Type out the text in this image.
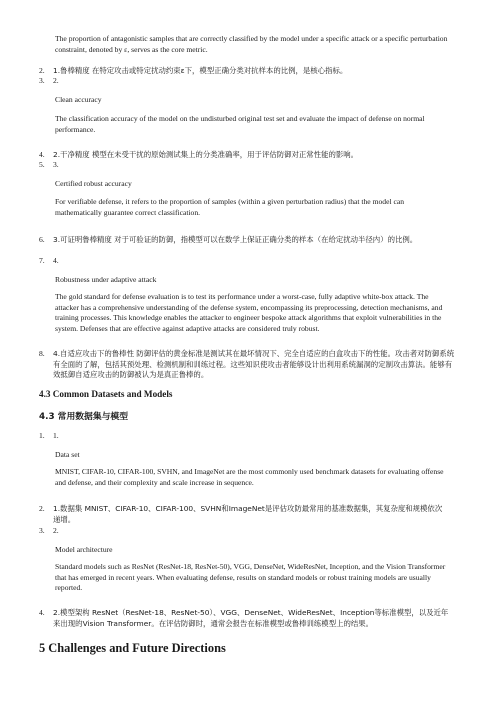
The proportion of antagonistic samples that are correctly classified by the model under a specific attack or a specific perturbation constraint, denoted by ε, serves as the core metric.

2.	1.鲁棒精度 在特定攻击或特定扰动约束ε下，模型正确分类对抗样本的比例，是核心指标。
3.	2.

Clean accuracy

The classification accuracy of the model on the undisturbed original test set and evaluate the impact of defense on normal performance.

4.	2.干净精度 模型在未受干扰的原始测试集上的分类准确率，用于评估防御对正常性能的影响。
5.	3.

Certified robust accuracy

For verifiable defense, it refers to the proportion of samples (within a given perturbation radius) that the model can mathematically guarantee correct classification.

6.	3.可证明鲁棒精度 对于可验证的防御，指模型可以在数学上保证正确分类的样本（在给定扰动半径内）的比例。
7.	4.

Robustness under adaptive attack

The gold standard for defense evaluation is to test its performance under a worst-case, fully adaptive white-box attack. The attacker has a comprehensive understanding of the defense system, encompassing its preprocessing, detection mechanisms, and training processes. This knowledge enables the attacker to engineer bespoke attack algorithms that exploit vulnerabilities in the system. Defenses that are effective against adaptive attacks are considered truly robust.

8.	4.自适应攻击下的鲁棒性 防御评估的黄金标准是测试其在最坏情况下、完全自适应的白盒攻击下的性能。攻击者对防御系统有全面的了解，包括其预处理、检测机制和训练过程。这些知识使攻击者能够设计出利用系统漏洞的定制攻击算法。能够有效抵御自适应攻击的防御被认为是真正鲁棒的。

4.3 Common Datasets and Models

4.3 常用数据集与模型

1.	1.

Data set

MNIST, CIFAR-10, CIFAR-100, SVHN, and ImageNet are the most commonly used benchmark datasets for evaluating offense and defense, and their complexity and scale increase in sequence.

2.	1.数据集 MNIST、CIFAR-10、CIFAR-100、SVHN和ImageNet是评估攻防最常用的基准数据集，其复杂度和规模依次递增。
3.	2.

Model architecture

Standard models such as ResNet (ResNet-18, ResNet-50), VGG, DenseNet, WideResNet, Inception, and the Vision Transformer that has emerged in recent years. When evaluating defense, results on standard models or robust training models are usually reported.

4.	2.模型架构 ResNet（ResNet-18、ResNet-50）、VGG、DenseNet、WideResNet、Inception等标准模型，以及近年来出现的Vision Transformer。在评估防御时，通常会报告在标准模型或鲁棒训练模型上的结果。

5 Challenges and Future Directions
